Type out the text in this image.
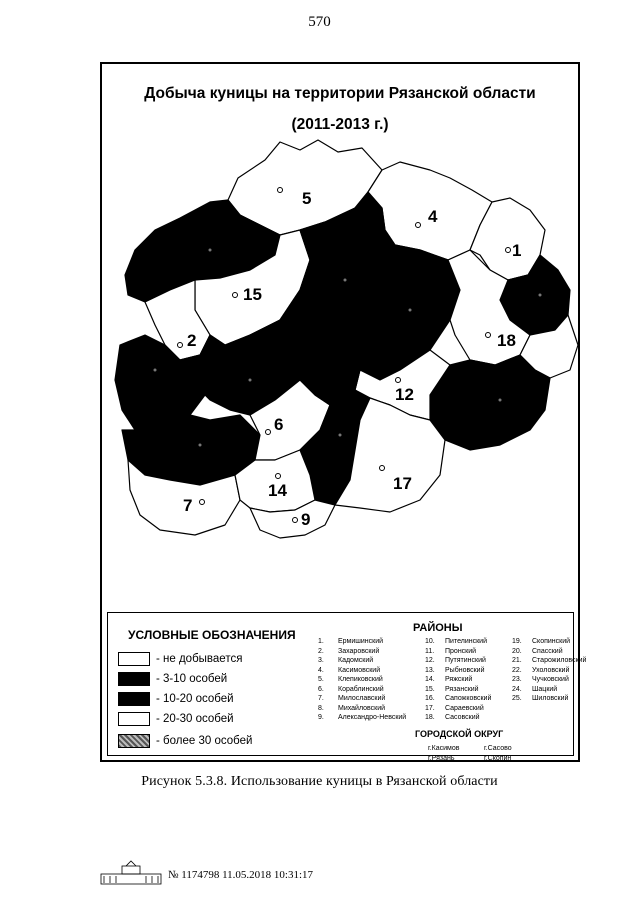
570
Добыча куницы на территории Рязанской области
(2011-2013 г.)
5
4
1
15
2	18
12
6
17
14
7
9
УСЛОВНЫЕ ОБОЗНАЧЕНИЯ
- не добывается
- 3-10 особей
- 10-20 особей
- 20-30 особей
- более 30 особей
РАЙОНЫ
1. Ермишинский
2. Захаровский
3. Кадомский
4. Касимовский
5. Клепиковский
6. Кораблинский
7. Милославский
8. Михайловский
9. Александро-Невский
10. Пителинский
11. Пронский
12. Путятинский
13. Рыбновский
14. Ряжский
15. Рязанский
16. Сапожковский
17. Сараевский
18. Сасовский
19. Скопинский
20. Спасский
21. Старожиловский
22. Ухоловский
23. Чучковский
24. Шацкий
25. Шиловский
ГОРОДСКОЙ ОКРУГ
г.Касимов	г.Сасово
г.Рязань	г.Скопин
Рисунок 5.3.8. Использование куницы в Рязанской области
№ 1174798 11.05.2018 10:31:17
